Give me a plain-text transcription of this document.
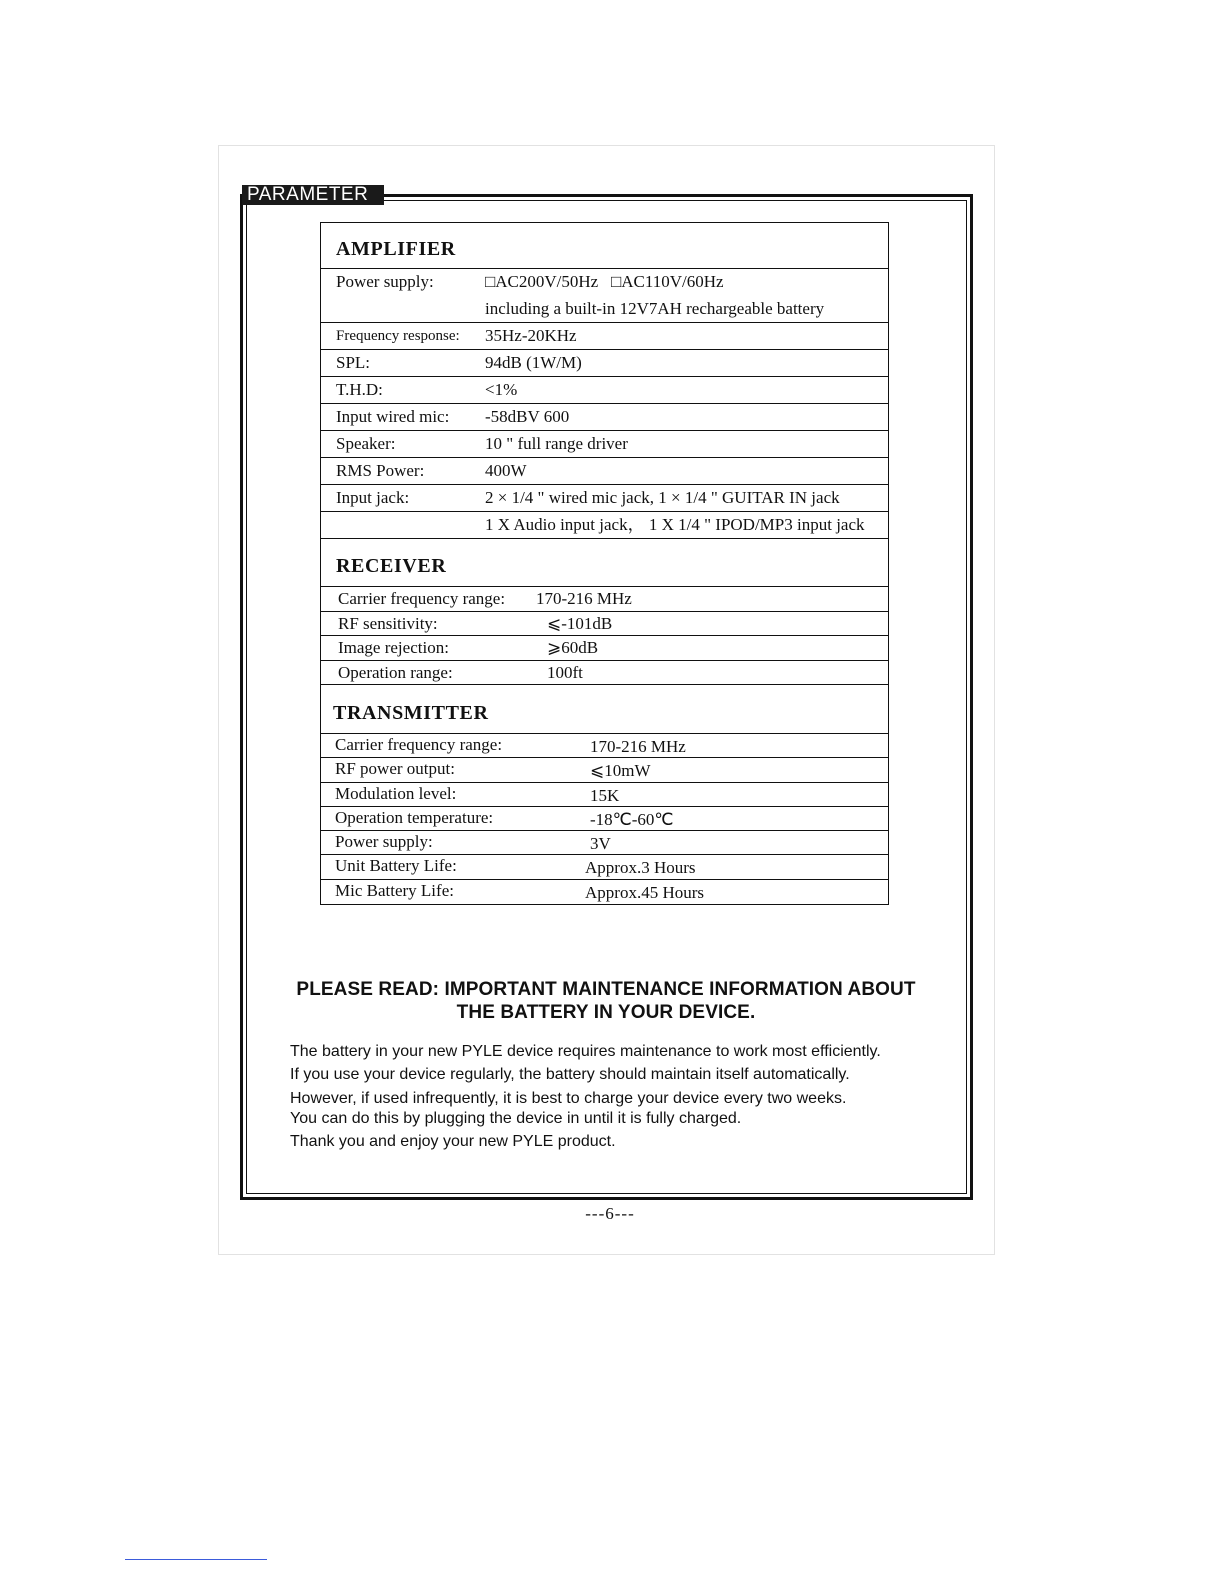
PARAMETER
AMPLIFIER
Power supply:	□AC200V/50Hz   □AC110V/60Hz
including a built-in 12V7AH rechargeable battery
Frequency response: 35Hz-20KHz
SPL:	94dB (1W/M)
T.H.D:	<1%
Input wired mic: -58dBV 600
Speaker:	10 " full range driver
RMS Power:	400W
Input jack:	2 × 1/4 " wired mic jack, 1 × 1/4 " GUITAR IN jack
1 X Audio input jack， 1 X 1/4 " IPOD/MP3 input jack
RECEIVER
Carrier frequency range: 170-216 MHz
RF sensitivity:	⩽-101dB
Image rejection:	⩾60dB
Operation range:	100ft
TRANSMITTER
Carrier frequency range:	170-216 MHz
RF power output:	⩽10mW
Modulation level:	15K
Operation temperature:	-18℃-60℃
Power supply:	3V
Unit Battery Life:	Approx.3 Hours
Mic Battery Life:	Approx.45 Hours
PLEASE READ: IMPORTANT MAINTENANCE INFORMATION ABOUT
THE BATTERY IN YOUR DEVICE.

The battery in your new PYLE device requires maintenance to work most efficiently.

If you use your device regularly, the battery should maintain itself automatically.

However, if used infrequently, it is best to charge your device every two weeks.

You can do this by plugging the device in until it is fully charged.

Thank you and enjoy your new PYLE product.

---6---
